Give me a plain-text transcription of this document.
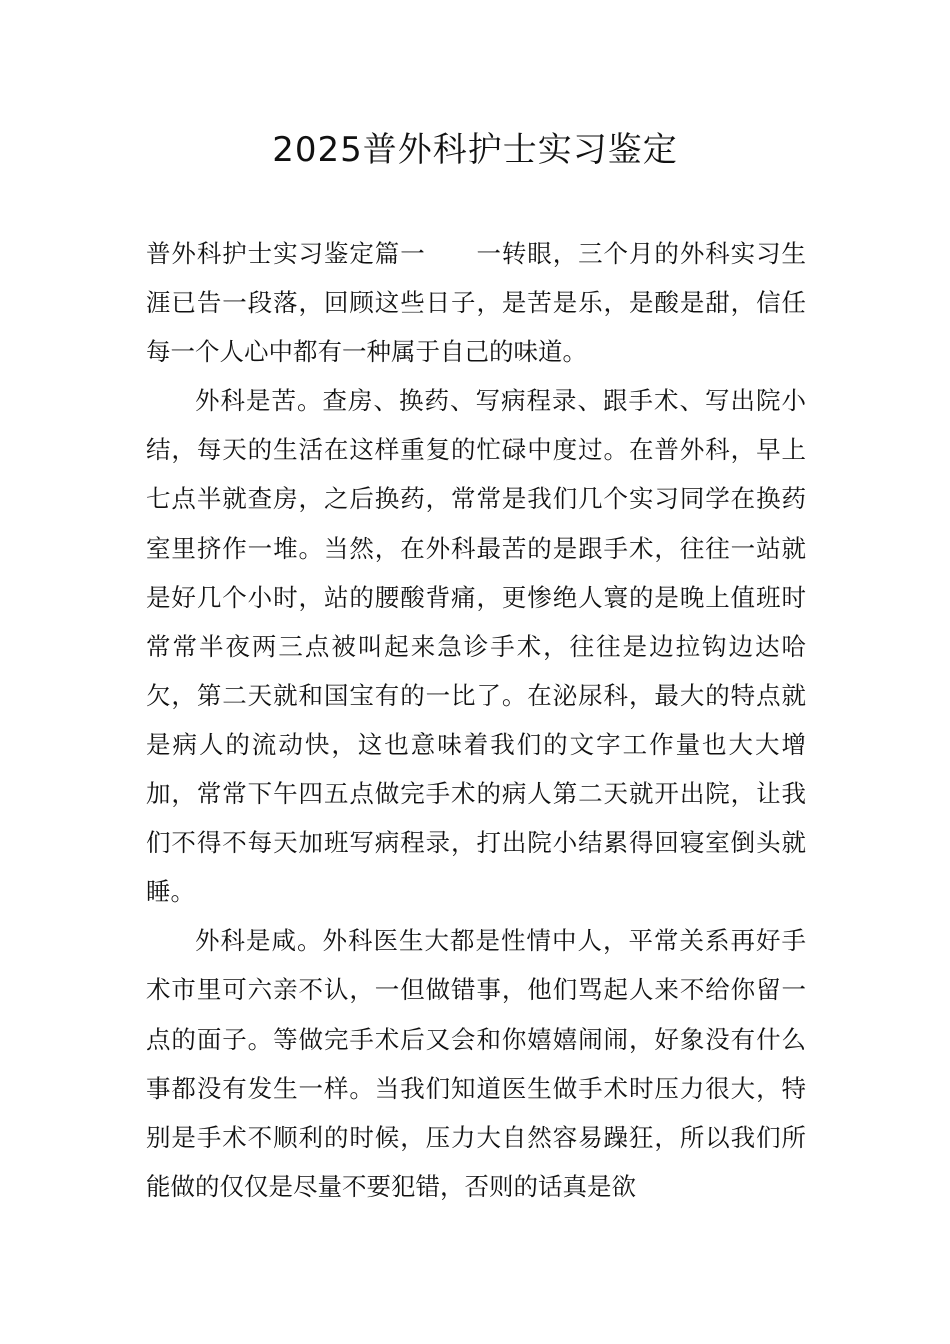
2025普外科护士实习鉴定

普外科护士实习鉴定篇一　　一转眼，三个月的外科实习生涯已告一段落，回顾这些日子，是苦是乐，是酸是甜，信任每一个人心中都有一种属于自己的味道。

外科是苦。查房、换药、写病程录、跟手术、写出院小结，每天的生活在这样重复的忙碌中度过。在普外科，早上七点半就查房，之后换药，常常是我们几个实习同学在换药室里挤作一堆。当然，在外科最苦的是跟手术，往往一站就是好几个小时，站的腰酸背痛，更惨绝人寰的是晚上值班时常常半夜两三点被叫起来急诊手术，往往是边拉钩边达哈欠，第二天就和国宝有的一比了。在泌尿科，最大的特点就是病人的流动快，这也意味着我们的文字工作量也大大增加，常常下午四五点做完手术的病人第二天就开出院，让我们不得不每天加班写病程录，打出院小结累得回寝室倒头就睡。

外科是咸。外科医生大都是性情中人，平常关系再好手术市里可六亲不认，一但做错事，他们骂起人来不给你留一点的面子。等做完手术后又会和你嬉嬉闹闹，好象没有什么事都没有发生一样。当我们知道医生做手术时压力很大，特别是手术不顺利的时候，压力大自然容易躁狂，所以我们所能做的仅仅是尽量不要犯错，否则的话真是欲
